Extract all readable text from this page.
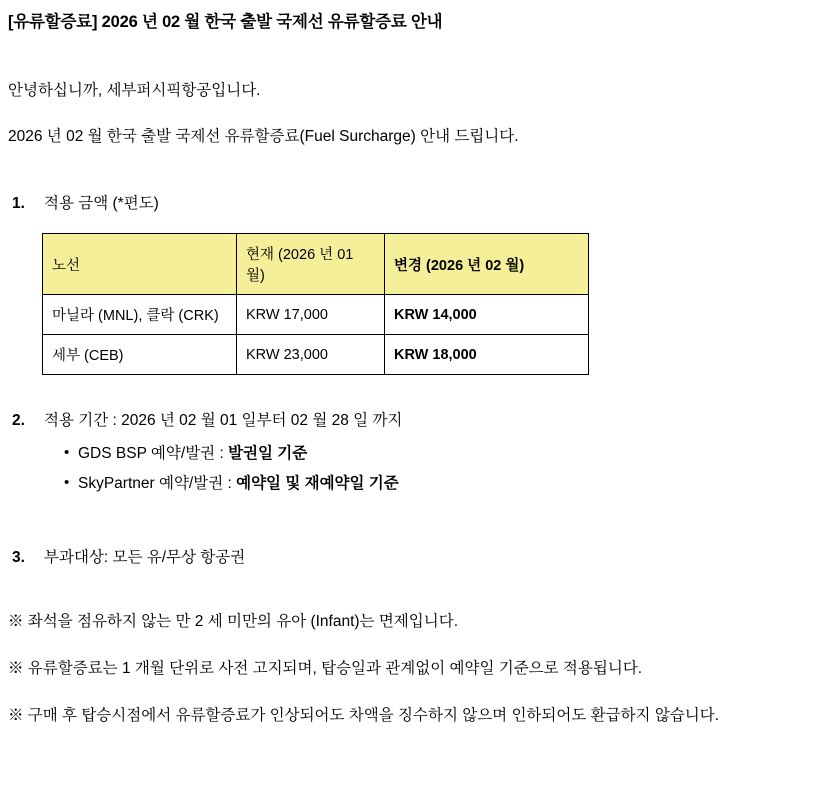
[유류할증료] 2026 년 02 월 한국 출발 국제선 유류할증료 안내

안녕하십니까, 세부퍼시픽항공입니다.

2026 년 02 월 한국 출발 국제선 유류할증료(Fuel Surcharge) 안내 드립니다.

1.	적용 금액 (*편도)
노선	현재 (2026 년 01 월)	변경 (2026 년 02 월)
마닐라 (MNL), 클락 (CRK)	KRW 17,000	KRW 14,000
세부 (CEB)	KRW 23,000	KRW 18,000
2.	적용 기간 : 2026 년 02 월 01 일부터 02 월 28 일 까지
• GDS BSP 예약/발권 : 발권일 기준
• SkyPartner 예약/발권 : 예약일 및 재예약일 기준
3.	부과대상: 모든 유/무상 항공권

※ 좌석을 점유하지 않는 만 2 세 미만의 유아 (Infant)는 면제입니다.

※ 유류할증료는 1 개월 단위로 사전 고지되며, 탑승일과 관계없이 예약일 기준으로 적용됩니다.

※ 구매 후 탑승시점에서 유류할증료가 인상되어도 차액을 징수하지 않으며 인하되어도 환급하지 않습니다.
